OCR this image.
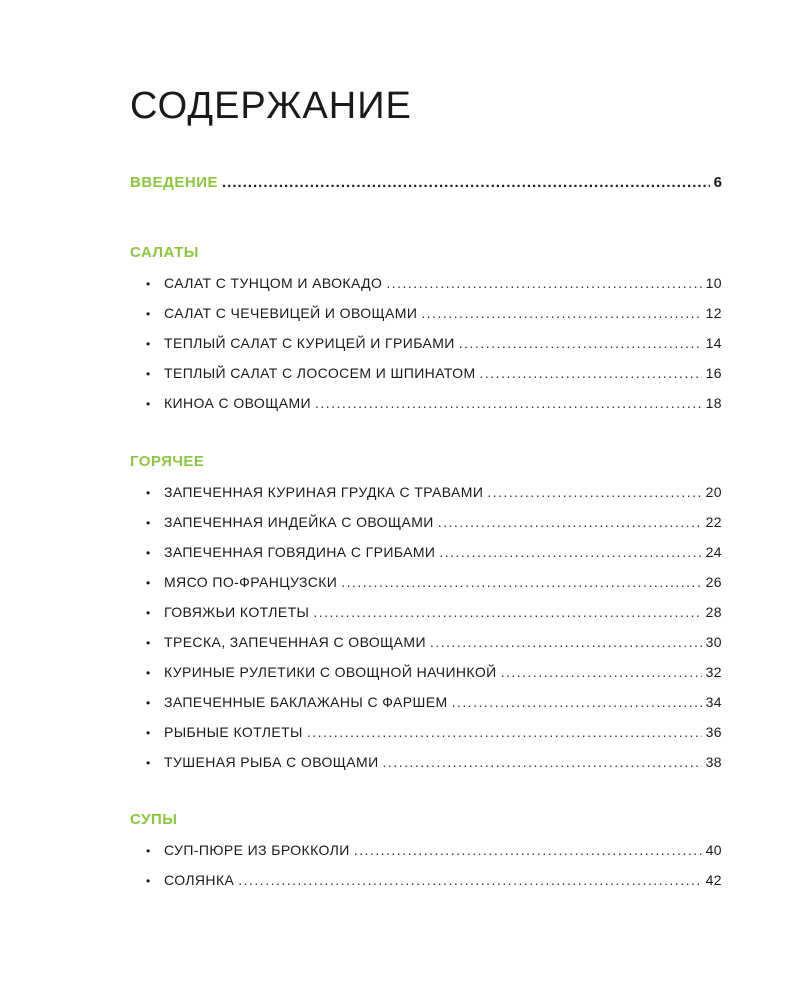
СОДЕРЖАНИЕ
ВВЕДЕНИЕ .....	6
САЛАТЫ
• САЛАТ С ТУНЦОМ И АВОКАДО .....	10
• САЛАТ С ЧЕЧЕВИЦЕЙ И ОВОЩАМИ .....	12
• ТЕПЛЫЙ САЛАТ С КУРИЦЕЙ И ГРИБАМИ .....	14
• ТЕПЛЫЙ САЛАТ С ЛОСОСЕМ И ШПИНАТОМ .....	16
• КИНОА С ОВОЩАМИ .....	18
ГОРЯЧЕЕ
• ЗАПЕЧЕННАЯ КУРИНАЯ ГРУДКА С ТРАВАМИ .....	20
• ЗАПЕЧЕННАЯ ИНДЕЙКА С ОВОЩАМИ .....	22
• ЗАПЕЧЕННАЯ ГОВЯДИНА С ГРИБАМИ .....	24
• МЯСО ПО-ФРАНЦУЗСКИ .....	26
• ГОВЯЖЬИ КОТЛЕТЫ .....	28
• ТРЕСКА, ЗАПЕЧЕННАЯ С ОВОЩАМИ .....	30
• КУРИНЫЕ РУЛЕТИКИ С ОВОЩНОЙ НАЧИНКОЙ .....	32
• ЗАПЕЧЕННЫЕ БАКЛАЖАНЫ С ФАРШЕМ .....	34
• РЫБНЫЕ КОТЛЕТЫ .....	36
• ТУШЕНАЯ РЫБА С ОВОЩАМИ .....	38
СУПЫ
• СУП-ПЮРЕ ИЗ БРОККОЛИ .....	40
• СОЛЯНКА .....	42
